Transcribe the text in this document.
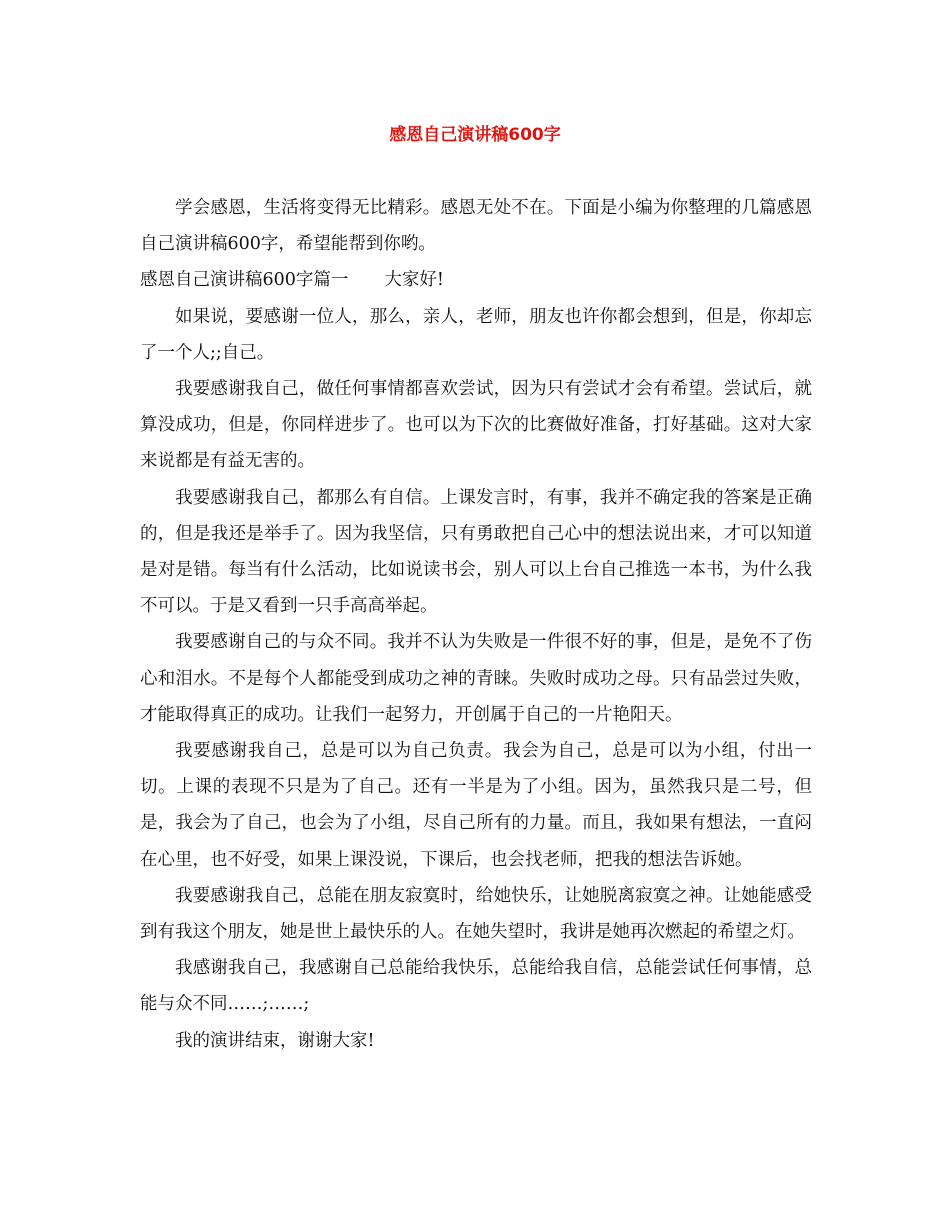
感恩自己演讲稿600字

学会感恩，生活将变得无比精彩。感恩无处不在。下面是小编为你整理的几篇感恩自己演讲稿600字，希望能帮到你哟。

感恩自己演讲稿600字篇一 大家好!

如果说，要感谢一位人，那么，亲人，老师，朋友也许你都会想到，但是，你却忘了一个人;;自己。

我要感谢我自己，做任何事情都喜欢尝试，因为只有尝试才会有希望。尝试后，就算没成功，但是，你同样进步了。也可以为下次的比赛做好准备，打好基础。这对大家来说都是有益无害的。

我要感谢我自己，都那么有自信。上课发言时，有事，我并不确定我的答案是正确的，但是我还是举手了。因为我坚信，只有勇敢把自己心中的想法说出来，才可以知道是对是错。每当有什么活动，比如说读书会，别人可以上台自己推选一本书，为什么我不可以。于是又看到一只手高高举起。

我要感谢自己的与众不同。我并不认为失败是一件很不好的事，但是，是免不了伤心和泪水。不是每个人都能受到成功之神的青睐。失败时成功之母。只有品尝过失败，才能取得真正的成功。让我们一起努力，开创属于自己的一片艳阳天。

我要感谢我自己，总是可以为自己负责。我会为自己，总是可以为小组，付出一切。上课的表现不只是为了自己。还有一半是为了小组。因为，虽然我只是二号，但是，我会为了自己，也会为了小组，尽自己所有的力量。而且，我如果有想法，一直闷在心里，也不好受，如果上课没说，下课后，也会找老师，把我的想法告诉她。

我要感谢我自己，总能在朋友寂寞时，给她快乐，让她脱离寂寞之神。让她能感受到有我这个朋友，她是世上最快乐的人。在她失望时，我讲是她再次燃起的希望之灯。

我感谢我自己，我感谢自己总能给我快乐，总能给我自信，总能尝试任何事情，总能与众不同……;……;

我的演讲结束，谢谢大家!
